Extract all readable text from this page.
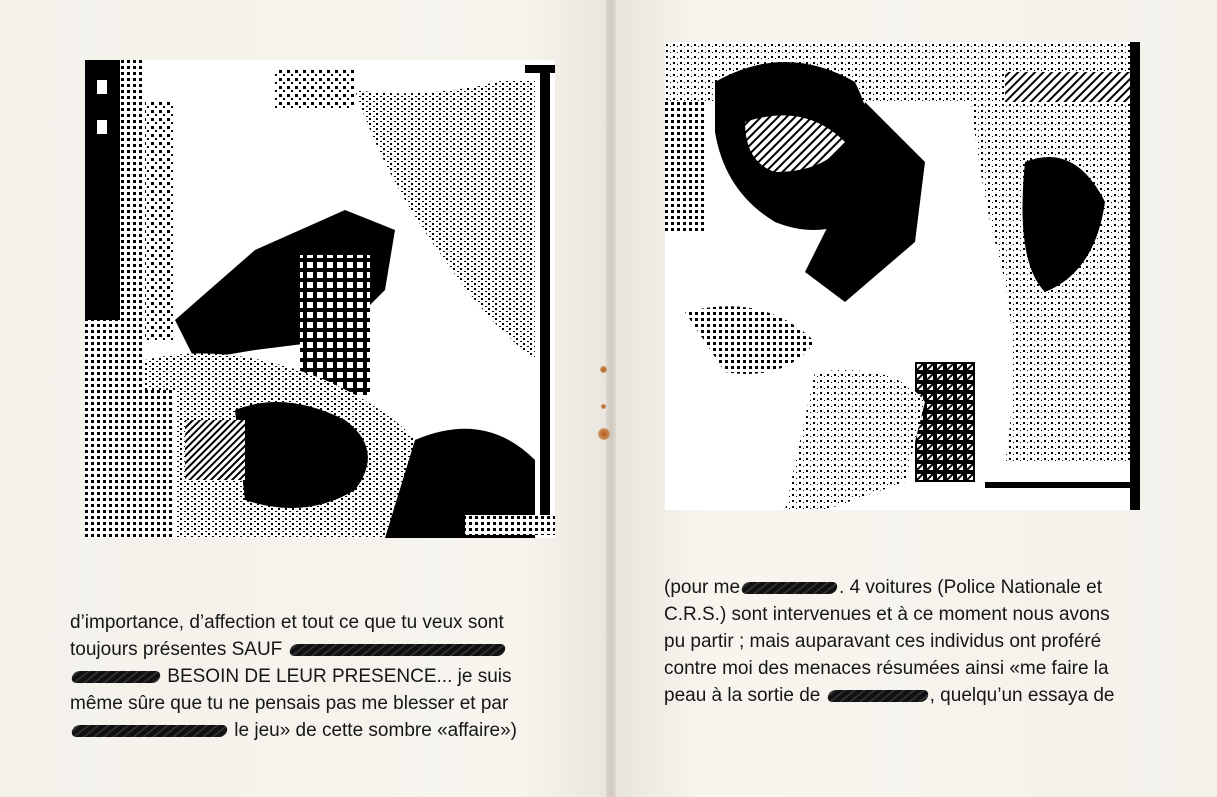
d’importance, d’affection et tout ce que tu veux sont
toujours présentes SAUF
BESOIN DE LEUR PRESENCE... je suis
même sûre que tu ne pensais pas me blesser et par
le jeu» de cette sombre «affaire»)
(pour me	. 4 voitures (Police Nationale et
C.R.S.) sont intervenues et à ce moment nous avons
pu partir ; mais auparavant ces individus ont proféré
contre moi des menaces résumées ainsi «me faire la
peau à la sortie de	, quelqu’un essaya de
